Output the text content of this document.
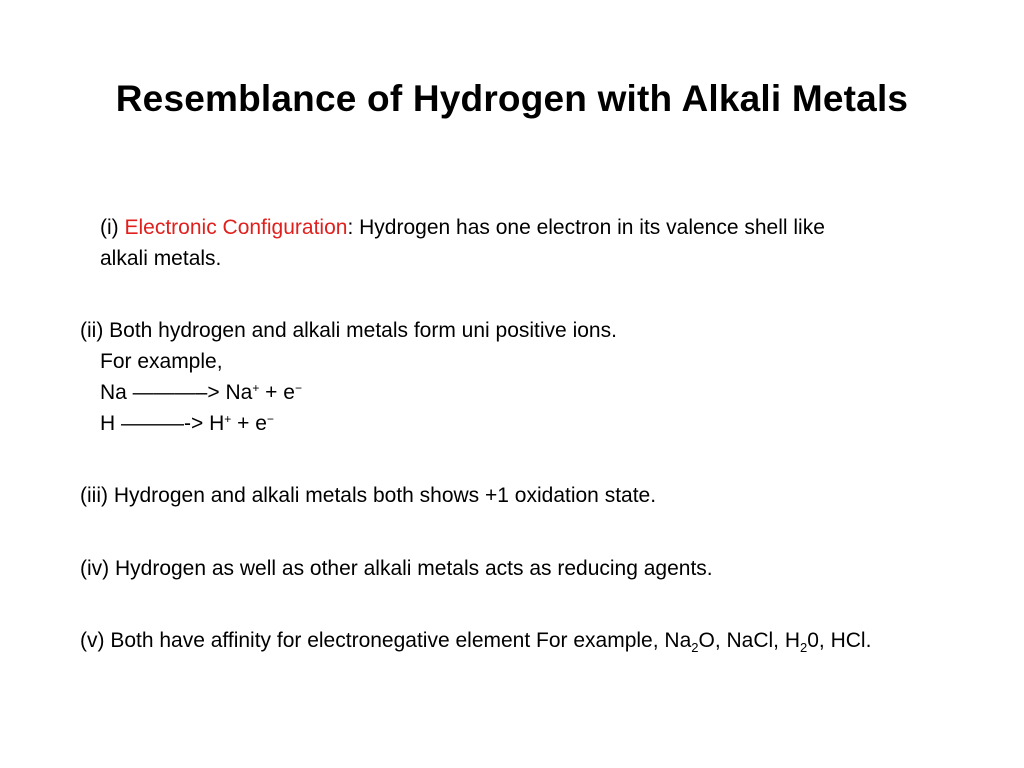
Resemblance of Hydrogen with Alkali Metals
(i) Electronic Configuration: Hydrogen has one electron in its valence shell like
alkali metals.
(ii) Both hydrogen and alkali metals form uni positive ions.
For example,
Na ———–> Na+ + e−
H ———-> H+ + e−
(iii) Hydrogen and alkali metals both shows +1 oxidation state.
(iv) Hydrogen as well as other alkali metals acts as reducing agents.
(v) Both have affinity for electronegative element For example, $Na_2O$, NaCl, $H_20$, HCl.
